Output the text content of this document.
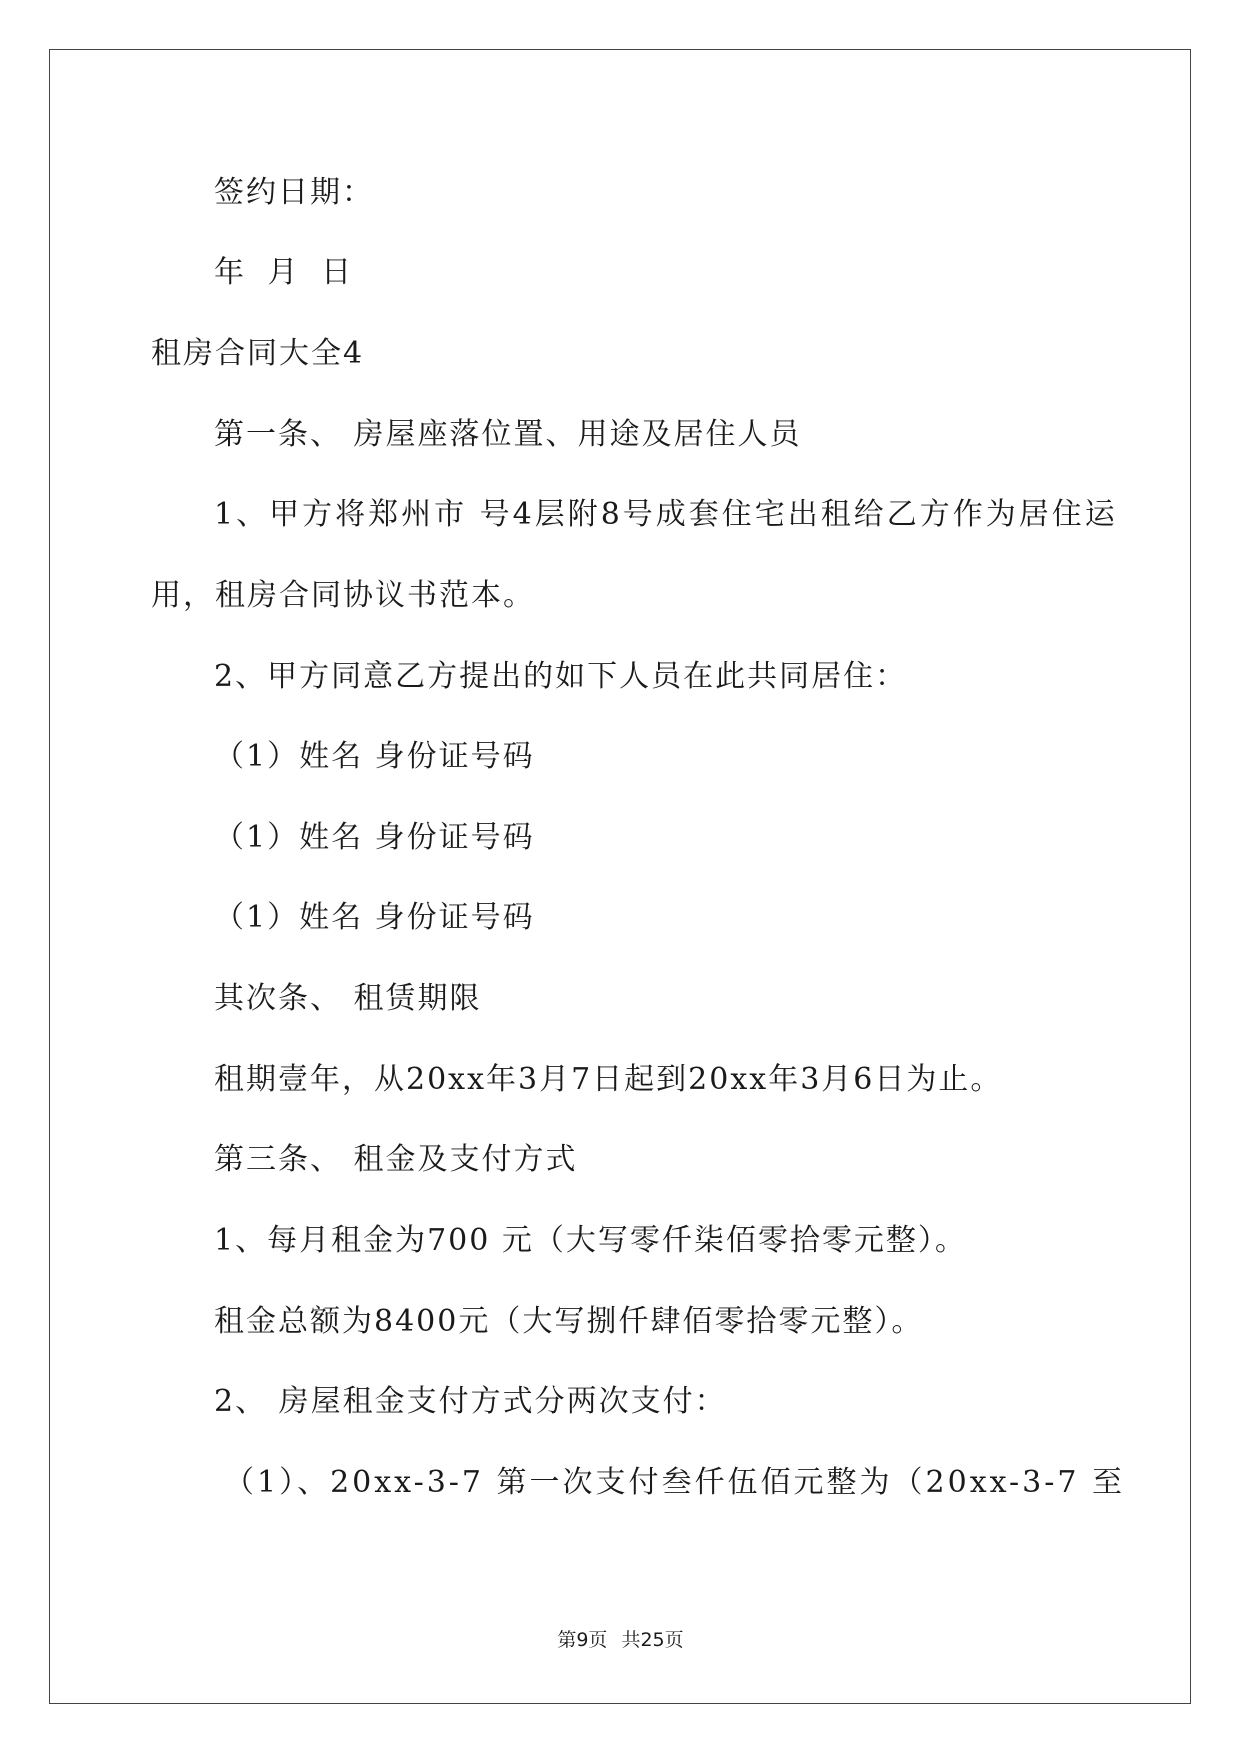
签约日期：
年 月 日
租房合同大全4
第一条、 房屋座落位置、用途及居住人员
1、甲方将郑州市 号4层附8号成套住宅出租给乙方作为居住运
用，租房合同协议书范本。
2、甲方同意乙方提出的如下人员在此共同居住：
（1）姓名 身份证号码
（1）姓名 身份证号码
（1）姓名 身份证号码
其次条、 租赁期限
租期壹年，从20xx年3月7日起到20xx年3月6日为止。
第三条、 租金及支付方式
1、每月租金为700 元（大写零仟柒佰零拾零元整）。
租金总额为8400元（大写捌仟肆佰零拾零元整）。
2、 房屋租金支付方式分两次支付：
（1）、20xx-3-7 第一次支付叁仟伍佰元整为（20xx-3-7 至
第9页 共25页
